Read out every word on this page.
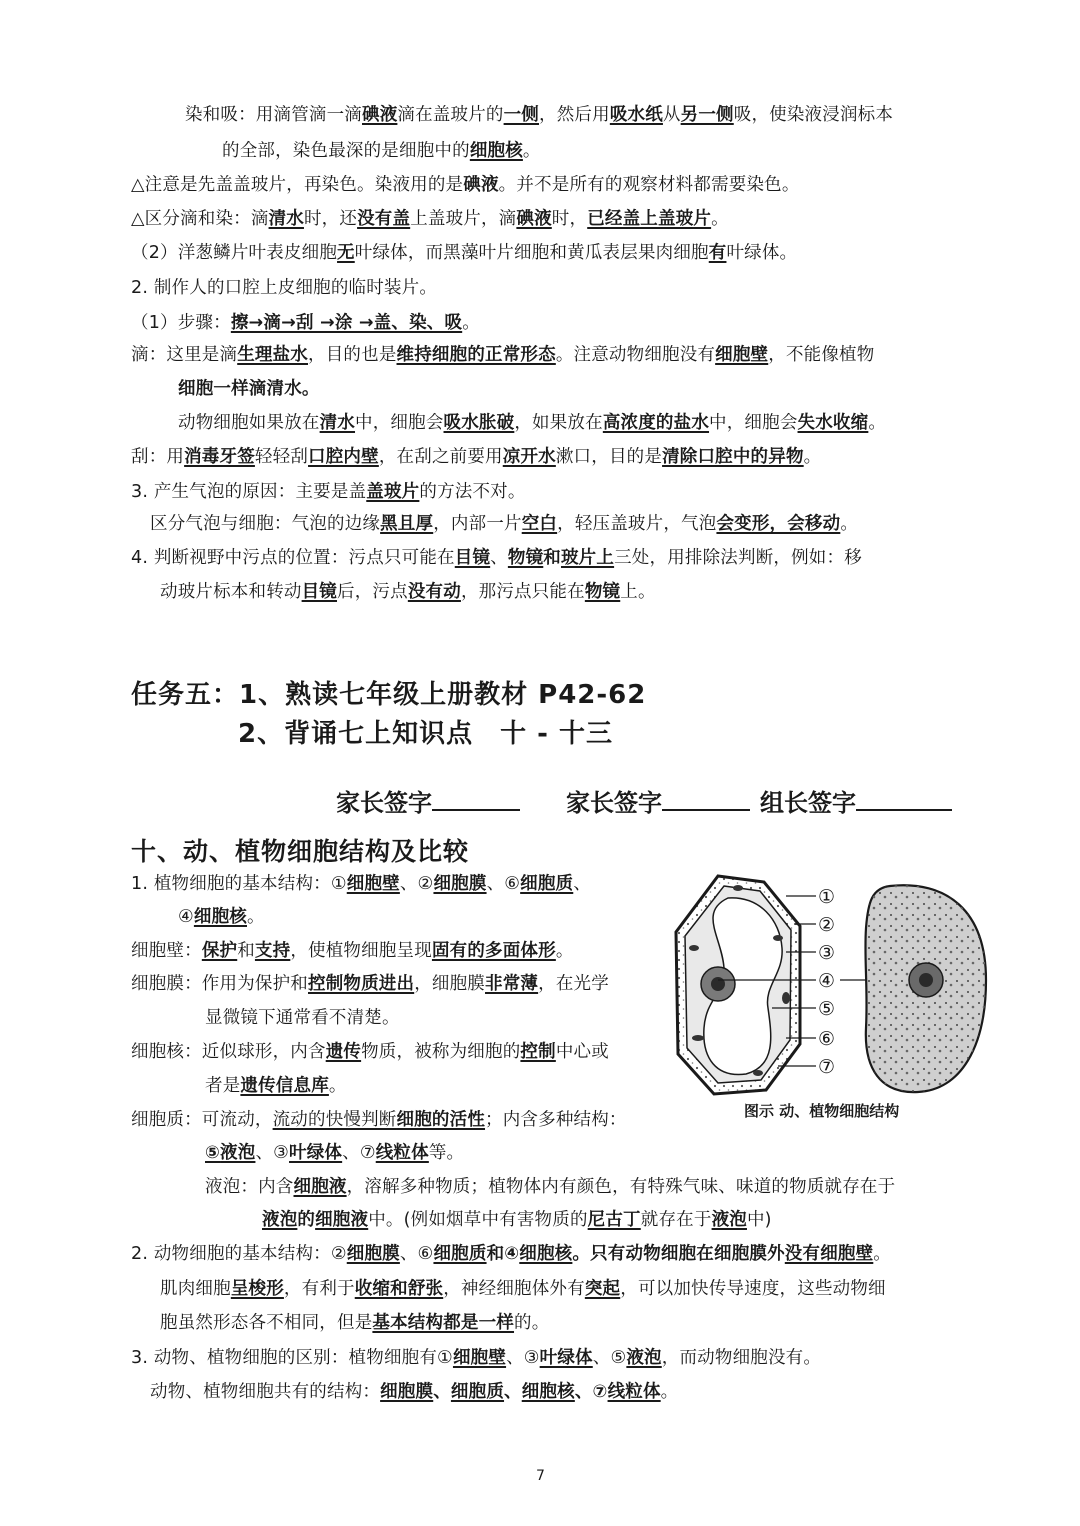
染和吸：用滴管滴一滴碘液滴在盖玻片的一侧，然后用吸水纸从另一侧吸，使染液浸润标本
的全部，染色最深的是细胞中的细胞核。
△注意是先盖盖玻片，再染色。染液用的是碘液。并不是所有的观察材料都需要染色。
△区分滴和染：滴清水时，还没有盖上盖玻片，滴碘液时，已经盖上盖玻片。
（2）洋葱鳞片叶表皮细胞无叶绿体，而黑藻叶片细胞和黄瓜表层果肉细胞有叶绿体。
2. 制作人的口腔上皮细胞的临时装片。
（1）步骤：擦→滴→刮 →涂 →盖、染、吸。
滴：这里是滴生理盐水，目的也是维持细胞的正常形态。注意动物细胞没有细胞壁，不能像植物
细胞一样滴清水。
动物细胞如果放在清水中，细胞会吸水胀破，如果放在高浓度的盐水中，细胞会失水收缩。
刮：用消毒牙签轻轻刮口腔内壁，在刮之前要用凉开水漱口，目的是清除口腔中的异物。
3. 产生气泡的原因：主要是盖盖玻片的方法不对。
区分气泡与细胞：气泡的边缘黑且厚，内部一片空白，轻压盖玻片，气泡会变形，会移动。
4. 判断视野中污点的位置：污点只可能在目镜、物镜和玻片上三处，用排除法判断，例如：移
动玻片标本和转动目镜后，污点没有动，那污点只能在物镜上。
任务五：1、熟读七年级上册教材 P42-62
2、背诵七上知识点　十 - 十三
家长签字	家长签字	组长签字
十、动、植物细胞结构及比较
1. 植物细胞的基本结构：①细胞壁、②细胞膜、⑥细胞质、
④细胞核。
细胞壁：保护和支持，使植物细胞呈现固有的多面体形。
细胞膜：作用为保护和控制物质进出，细胞膜非常薄，在光学
显微镜下通常看不清楚。
细胞核：近似球形，内含遗传物质，被称为细胞的控制中心或
者是遗传信息库。
细胞质：可流动，流动的快慢判断细胞的活性；内含多种结构：
⑤液泡、③叶绿体、⑦线粒体等。
液泡：内含细胞液，溶解多种物质；植物体内有颜色，有特殊气味、味道的物质就存在于
液泡的细胞液中。(例如烟草中有害物质的尼古丁就存在于液泡中)
2. 动物细胞的基本结构：②细胞膜、⑥细胞质和④细胞核。只有动物细胞在细胞膜外没有细胞壁。
肌肉细胞呈梭形，有利于收缩和舒张，神经细胞体外有突起，可以加快传导速度，这些动物细
胞虽然形态各不相同，但是基本结构都是一样的。
3. 动物、植物细胞的区别：植物细胞有①细胞壁、③叶绿体、⑤液泡，而动物细胞没有。
动物、植物细胞共有的结构：细胞膜、细胞质、细胞核、⑦线粒体。
①
②
③
④
⑤
⑥
⑦
图示 动、植物细胞结构
7
